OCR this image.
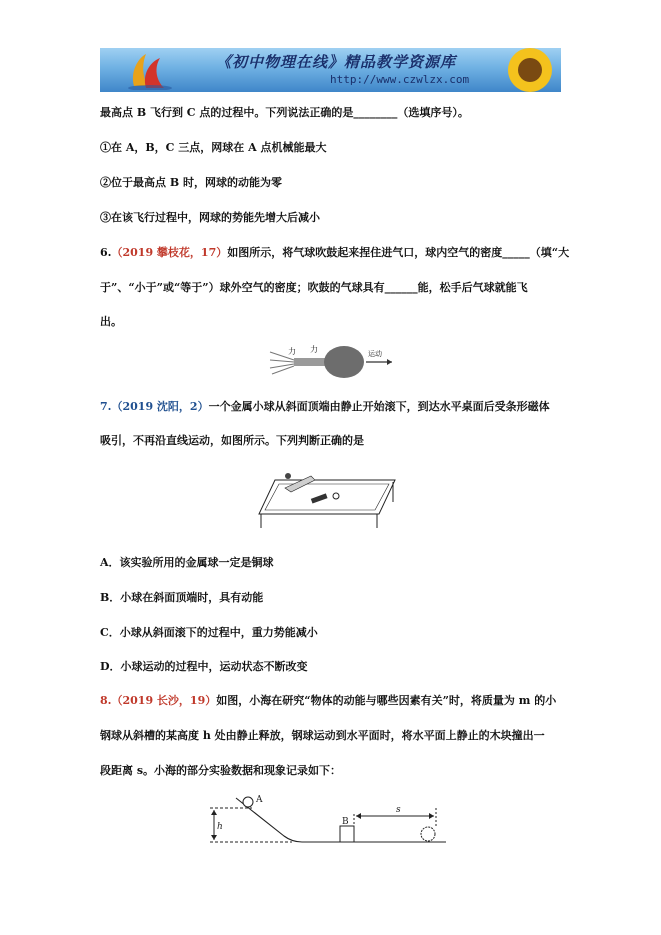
《初中物理在线》精品教学资源库
http://www.czwlzx.com
最高点 B 飞行到 C 点的过程中。下列说法正确的是________（选填序号）。
①在 A，B，C 三点，网球在 A 点机械能最大
②位于最高点 B 时，网球的动能为零
③在该飞行过程中，网球的势能先增大后减小
6.（2019 攀枝花，17）如图所示，将气球吹鼓起来捏住进气口，球内空气的密度_____（填“大
于”、“小于”或“等于”）球外空气的密度；吹鼓的气球具有______能，松手后气球就能飞
出。
力 力	运动
7.（2019 沈阳，2）一个金属小球从斜面顶端由静止开始滚下，到达水平桌面后受条形磁体
吸引，不再沿直线运动，如图所示。下列判断正确的是
A．该实验所用的金属球一定是铜球
B．小球在斜面顶端时，具有动能
C．小球从斜面滚下的过程中，重力势能减小
D．小球运动的过程中，运动状态不断改变
8.（2019 长沙，19）如图，小海在研究“物体的动能与哪些因素有关”时，将质量为 m 的小
钢球从斜槽的某高度 h 处由静止释放，钢球运动到水平面时，将水平面上静止的木块撞出一
段距离 s。小海的部分实验数据和现象记录如下：
h
A
B
s
